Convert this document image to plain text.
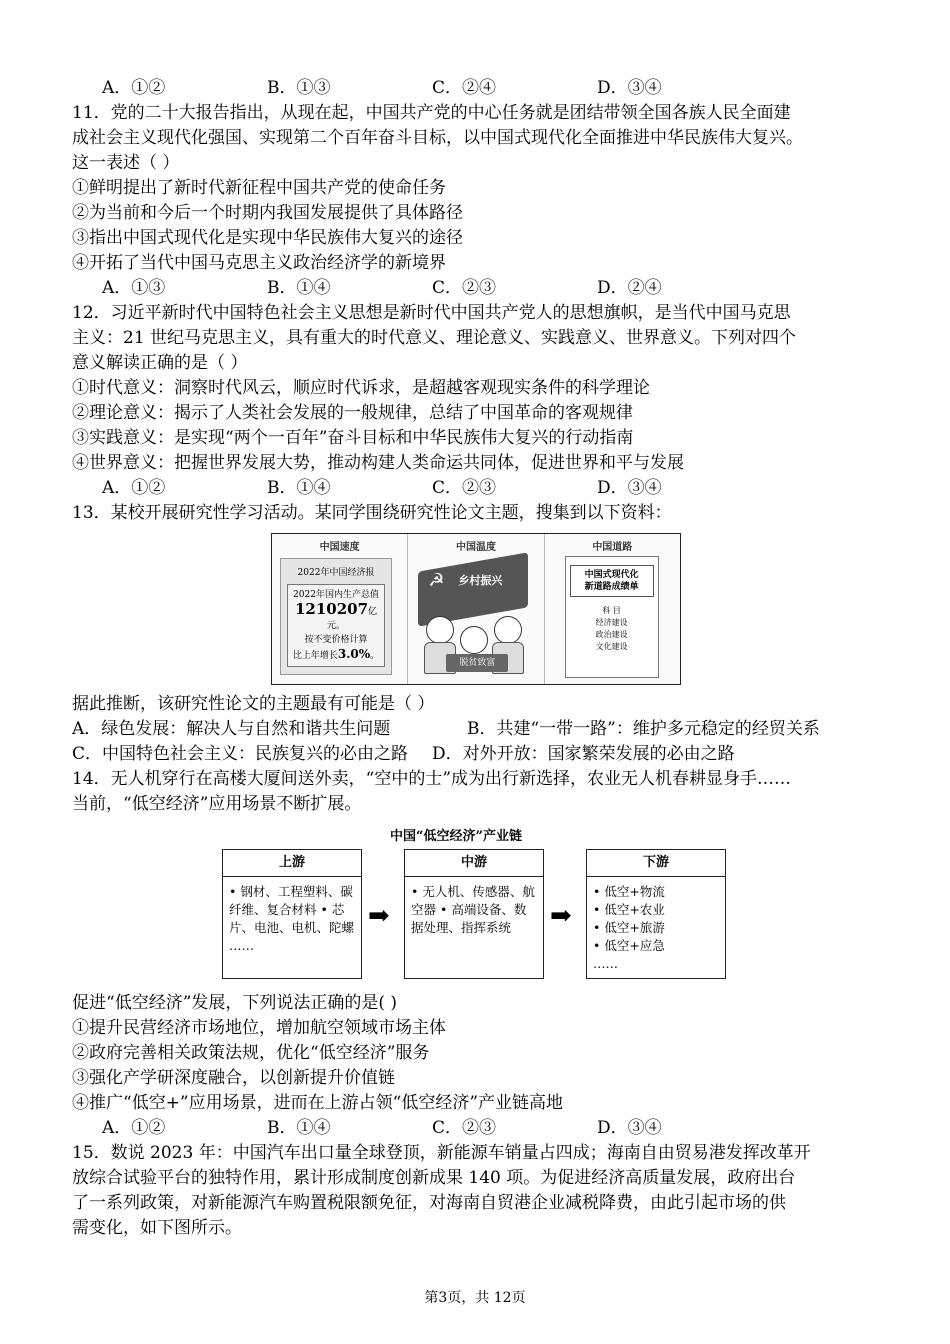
A．①②	B．①③	C．②④	D．③④
11．党的二十大报告指出，从现在起，中国共产党的中心任务就是团结带领全国各族人民全面建
成社会主义现代化强国、实现第二个百年奋斗目标，以中国式现代化全面推进中华民族伟大复兴。
这一表述（ ）
①鲜明提出了新时代新征程中国共产党的使命任务
②为当前和今后一个时期内我国发展提供了具体路径
③指出中国式现代化是实现中华民族伟大复兴的途径
④开拓了当代中国马克思主义政治经济学的新境界
A．①③	B．①④	C．②③	D．②④
12．习近平新时代中国特色社会主义思想是新时代中国共产党人的思想旗帜，是当代中国马克思
主义：21 世纪马克思主义，具有重大的时代意义、理论意义、实践意义、世界意义。下列对四个
意义解读正确的是（ ）
①时代意义：洞察时代风云，顺应时代诉求，是超越客观现实条件的科学理论
②理论意义：揭示了人类社会发展的一般规律，总结了中国革命的客观规律
③实践意义：是实现“两个一百年”奋斗目标和中华民族伟大复兴的行动指南
④世界意义：把握世界发展大势，推动构建人类命运共同体，促进世界和平与发展
A．①②	B．①④	C．②③	D．③④
13．某校开展研究性学习活动。某同学围绕研究性论文主题，搜集到以下资料：
中国速度
2022年中国经济报
2022年国内生产总值
1210207亿元。
按不变价格计算
比上年增长3.0%。
中国温度
☭ 乡村振兴
脱贫致富
中国道路
中国式现代化
新道路成绩单
科 目
经济建设
政治建设
文化建设
据此推断，该研究性论文的主题最有可能是（ ）
A．绿色发展：解决人与自然和谐共生问题	B．共建“一带一路”：维护多元稳定的经贸关系
C．中国特色社会主义：民族复兴的必由之路	D．对外开放：国家繁荣发展的必由之路
14．无人机穿行在高楼大厦间送外卖，“空中的士”成为出行新选择，农业无人机春耕显身手……
当前，“低空经济”应用场景不断扩展。
中国“低空经济”产业链
上游
• 钢材、工程塑料、碳纤维、复合材料 • 芯片、电池、电机、陀螺 ……
➡
中游
• 无人机、传感器、航空器 • 高端设备、数据处理、指挥系统	➡
下游
• 低空+物流
• 低空+农业
• 低空+旅游
• 低空+应急
……
促进“低空经济”发展，下列说法正确的是( )
①提升民营经济市场地位，增加航空领域市场主体
②政府完善相关政策法规，优化“低空经济”服务
③强化产学研深度融合，以创新提升价值链
④推广“低空+”应用场景，进而在上游占领“低空经济”产业链高地
A．①②	B．①④	C．②③	D．③④
15．数说 2023 年：中国汽车出口量全球登顶，新能源车销量占四成；海南自由贸易港发挥改革开
放综合试验平台的独特作用，累计形成制度创新成果 140 项。为促进经济高质量发展，政府出台
了一系列政策，对新能源汽车购置税限额免征，对海南自贸港企业减税降费，由此引起市场的供
需变化，如下图所示。
第3页，共 12页
